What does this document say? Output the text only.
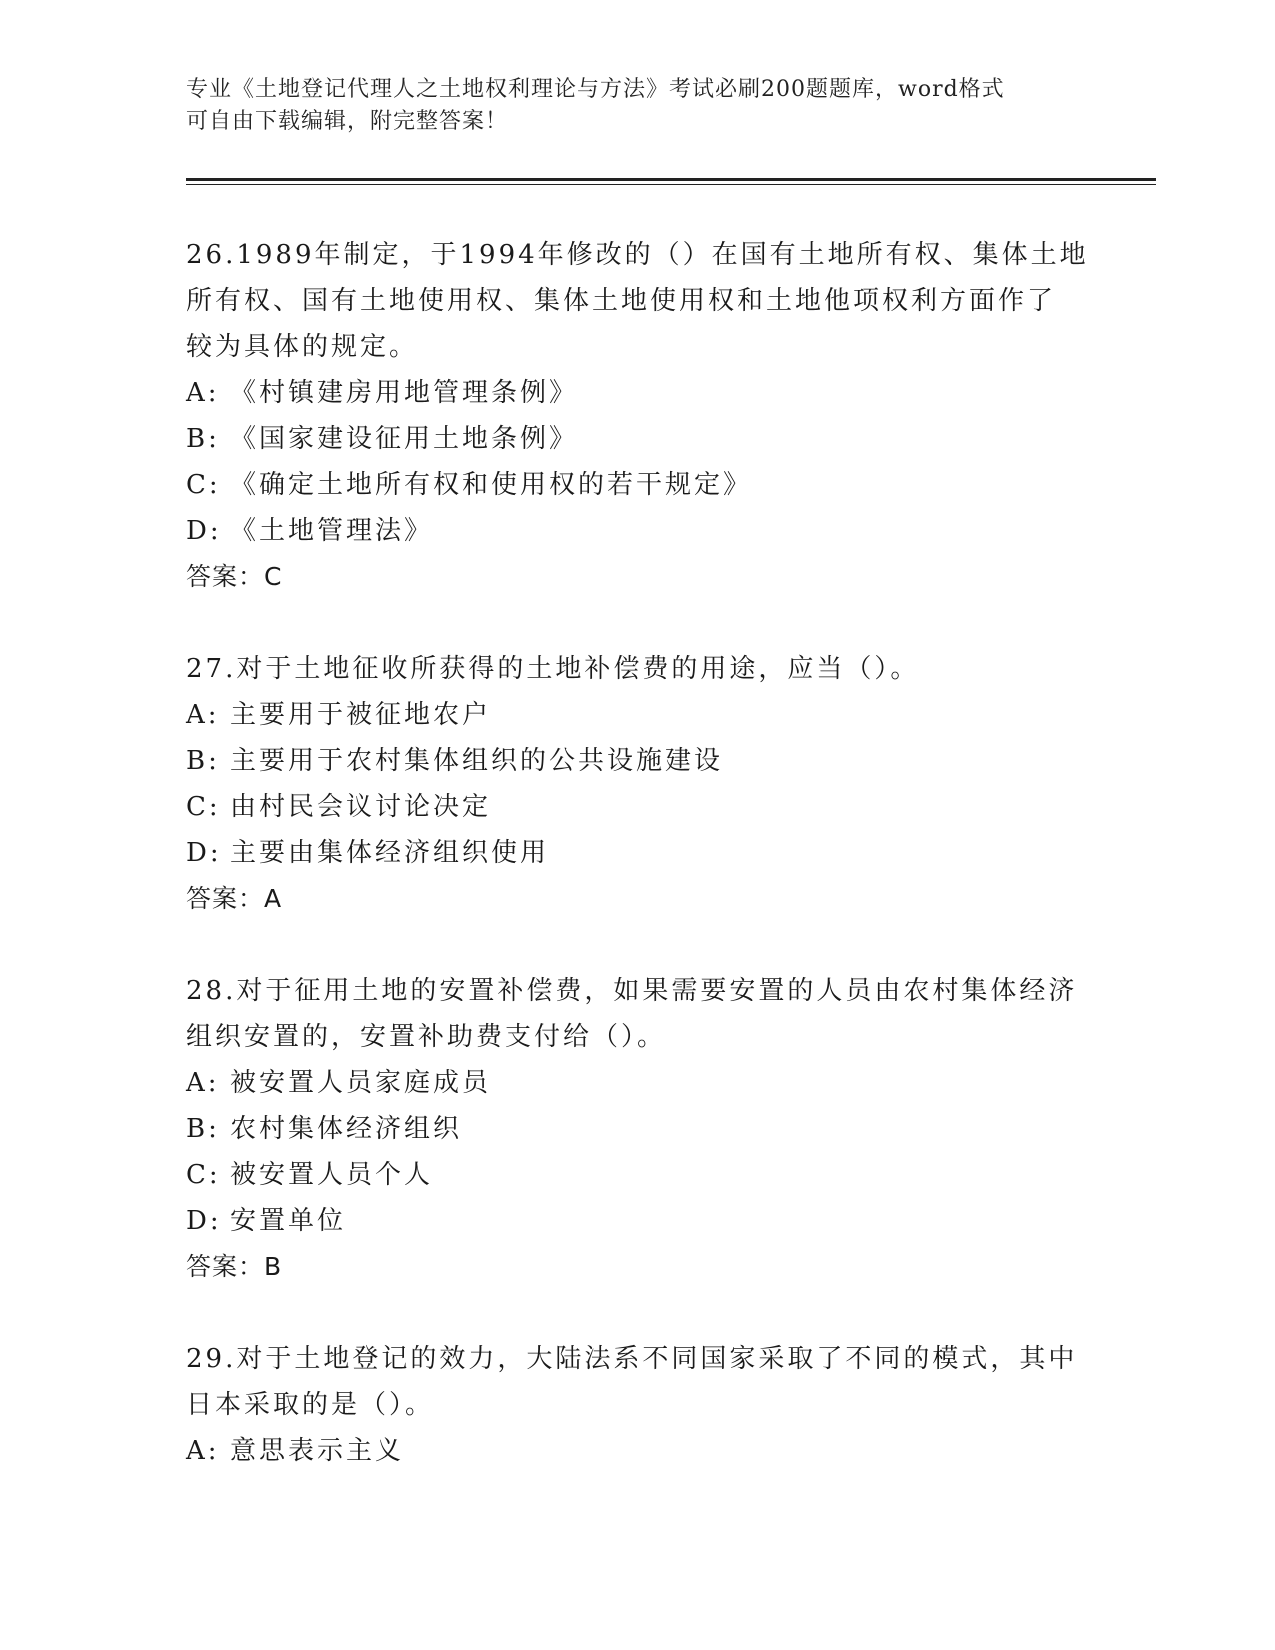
专业《土地登记代理人之土地权利理论与方法》考试必刷200题题库，word格式
可自由下载编辑，附完整答案！
26.1989年制定，于1994年修改的（）在国有土地所有权、集体土地
所有权、国有土地使用权、集体土地使用权和土地他项权利方面作了
较为具体的规定。
A: 《村镇建房用地管理条例》
B: 《国家建设征用土地条例》
C: 《确定土地所有权和使用权的若干规定》
D: 《土地管理法》
答案：C
27.对于土地征收所获得的土地补偿费的用途，应当（）。
A: 主要用于被征地农户
B: 主要用于农村集体组织的公共设施建设
C: 由村民会议讨论决定
D: 主要由集体经济组织使用
答案：A
28.对于征用土地的安置补偿费，如果需要安置的人员由农村集体经济
组织安置的，安置补助费支付给（）。
A: 被安置人员家庭成员
B: 农村集体经济组织
C: 被安置人员个人
D: 安置单位
答案：B
29.对于土地登记的效力，大陆法系不同国家采取了不同的模式，其中
日本采取的是（）。
A: 意思表示主义
